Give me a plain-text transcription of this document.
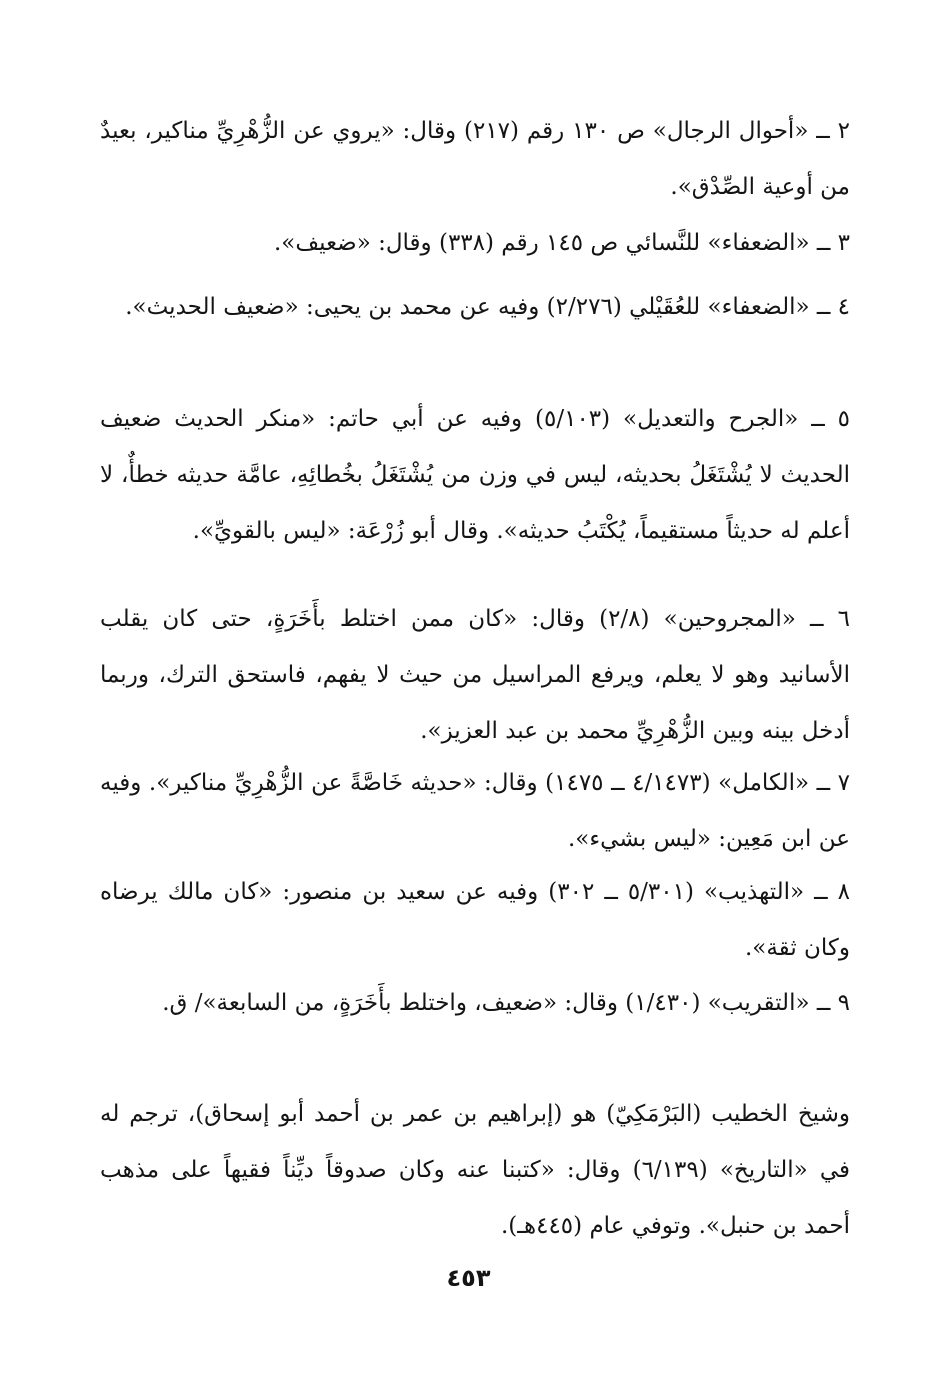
٢ ــ «أحوال الرجال» ص ١٣٠ رقم (٢١٧) وقال: «يروي عن الزُّهْرِيِّ مناكير، بعيدٌ من أوعية الصِّدْق».

٣ ــ «الضعفاء» للنَّسائي ص ١٤٥ رقم (٣٣٨) وقال: «ضعيف».

٤ ــ «الضعفاء» للعُقَيْلي (٢/٢٧٦) وفيه عن محمد بن يحيى: «ضعيف الحديث».

٥ ــ «الجرح والتعديل» (٥/١٠٣) وفيه عن أبي حاتم: «منكر الحديث ضعيف الحديث لا يُشْتَغَلُ بحديثه، ليس في وزن من يُشْتَغَلُ بخُطائِهِ، عامَّة حديثه خطأٌ، لا أعلم له حديثاً مستقيماً، يُكْتَبُ حديثه». وقال أبو زُرْعَة: «ليس بالقويِّ».

٦ ــ «المجروحين» (٢/٨) وقال: «كان ممن اختلط بأَخَرَةٍ، حتى كان يقلب الأسانيد وهو لا يعلم، ويرفع المراسيل من حيث لا يفهم، فاستحق الترك، وربما أدخل بينه وبين الزُّهْرِيِّ محمد بن عبد العزيز».

٧ ــ «الكامل» (٤/١٤٧٣ ــ ١٤٧٥) وقال: «حديثه خَاصَّةً عن الزُّهْرِيِّ مناكير». وفيه عن ابن مَعِين: «ليس بشيء».

٨ ــ «التهذيب» (٥/٣٠١ ــ ٣٠٢) وفيه عن سعيد بن منصور: «كان مالك يرضاه وكان ثقة».

٩ ــ «التقريب» (١/٤٣٠) وقال: «ضعيف، واختلط بأَخَرَةٍ، من السابعة»/ ق.

وشيخ الخطيب (البَرْمَكِيّ) هو (إبراهيم بن عمر بن أحمد أبو إسحاق)، ترجم له في «التاريخ» (٦/١٣٩) وقال: «كتبنا عنه وكان صدوقاً ديِّناً فقيهاً على مذهب أحمد بن حنبل». وتوفي عام (٤٤٥هـ).

٤٥٣
